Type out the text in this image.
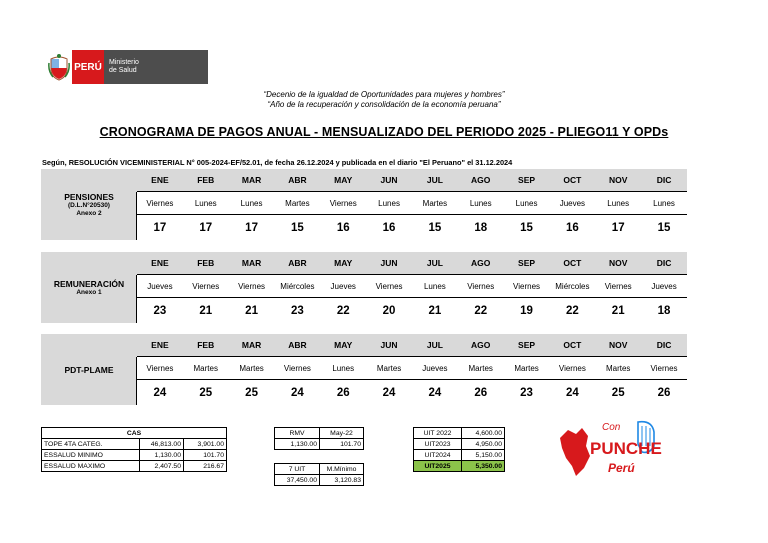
PERÚ	Ministerio
de Salud
“Decenio de la igualdad de Oportunidades para mujeres y hombres”
“Año de la recuperación y consolidación de la economía peruana”
CRONOGRAMA DE PAGOS ANUAL - MENSUALIZADO DEL PERIODO 2025 - PLIEGO11 Y OPDs
Según, RESOLUCIÓN VICEMINISTERIAL N° 005-2024-EF/52.01, de fecha 26.12.2024 y publicada en el diario "El Peruano" el 31.12.2024
PENSIONES
(D.L.N°20530)
Anexo 2
ENE	FEB	MAR	ABR	MAY	JUN	JUL	AGO	SEP	OCT	NOV	DIC
Viernes	Lunes	Lunes	Martes	Viernes	Lunes	Martes	Lunes	Lunes	Jueves	Lunes	Lunes
17	17	17	15	16	16	15	18	15	16	17	15
REMUNERACIÓN
Anexo 1
ENE	FEB	MAR	ABR	MAY	JUN	JUL	AGO	SEP	OCT	NOV	DIC
Jueves	Viernes	Viernes	Miércoles	Jueves	Viernes	Lunes	Viernes	Viernes	Miércoles	Viernes	Jueves
23	21	21	23	22	20	21	22	19	22	21	18
PDT-PLAME
ENE	FEB	MAR	ABR	MAY	JUN	JUL	AGO	SEP	OCT	NOV	DIC
Viernes	Martes	Martes	Viernes	Lunes	Martes	Jueves	Martes	Martes	Viernes	Martes	Viernes
24	25	25	24	26	24	24	26	23	24	25	26
CAS		
TOPE 4TA CATEG.	46,813.00	3,901.00
ESSALUD MINIMO	1,130.00	101.70
ESSALUD MAXIMO	2,407.50	216.67
RMV	May-22
1,130.00	101.70
7 UIT	M.Mínimo
37,450.00	3,120.83
UIT 2022	4,600.00
UIT2023	4,950.00
UIT2024	5,150.00
UIT2025	5,350.00
Con
PUNCHE
Perú
